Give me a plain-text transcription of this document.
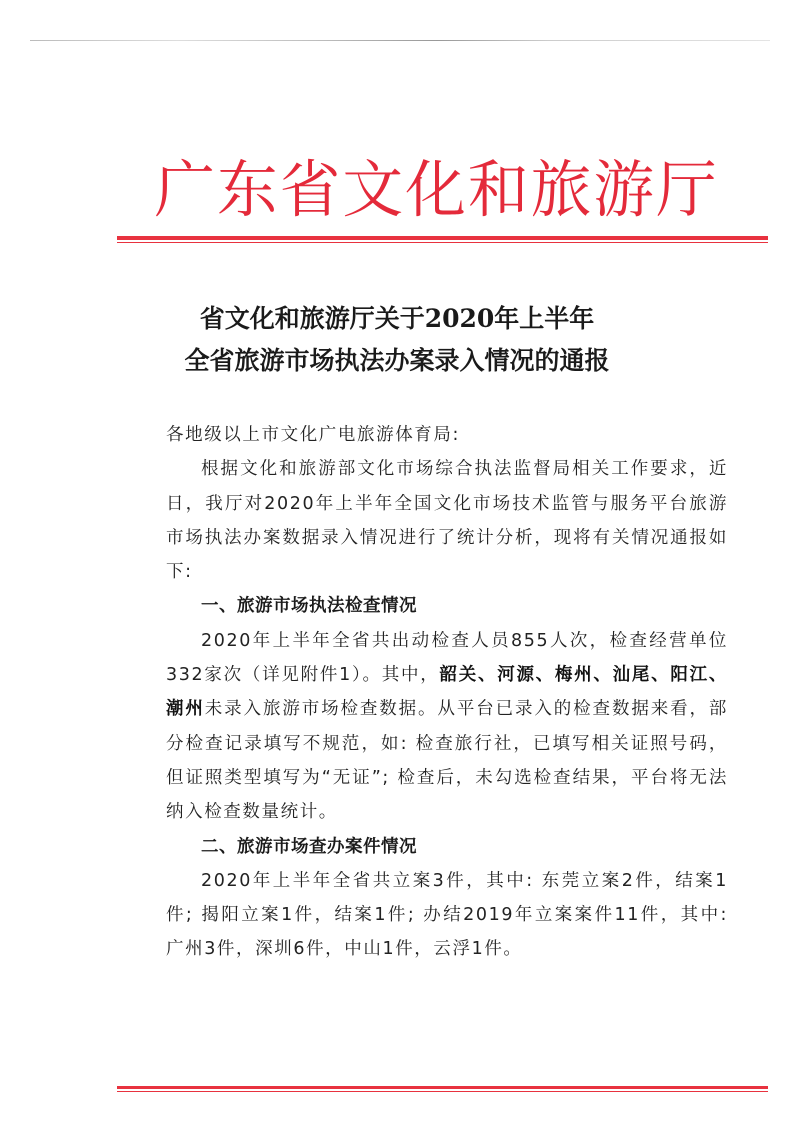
广东省文化和旅游厅
省文化和旅游厅关于2020年上半年
全省旅游市场执法办案录入情况的通报

各地级以上市文化广电旅游体育局:

根据文化和旅游部文化市场综合执法监督局相关工作要求，近日，我厅对2020年上半年全国文化市场技术监管与服务平台旅游市场执法办案数据录入情况进行了统计分析，现将有关情况通报如下:

一、旅游市场执法检查情况

2020年上半年全省共出动检查人员855人次，检查经营单位332家次（详见附件1）。其中，韶关、河源、梅州、汕尾、阳江、潮州未录入旅游市场检查数据。从平台已录入的检查数据来看，部分检查记录填写不规范，如: 检查旅行社，已填写相关证照号码，但证照类型填写为“无证”; 检查后，未勾选检查结果，平台将无法纳入检查数量统计。

二、旅游市场查办案件情况

2020年上半年全省共立案3件，其中: 东莞立案2件，结案1件; 揭阳立案1件，结案1件; 办结2019年立案案件11件，其中: 广州3件，深圳6件，中山1件，云浮1件。
